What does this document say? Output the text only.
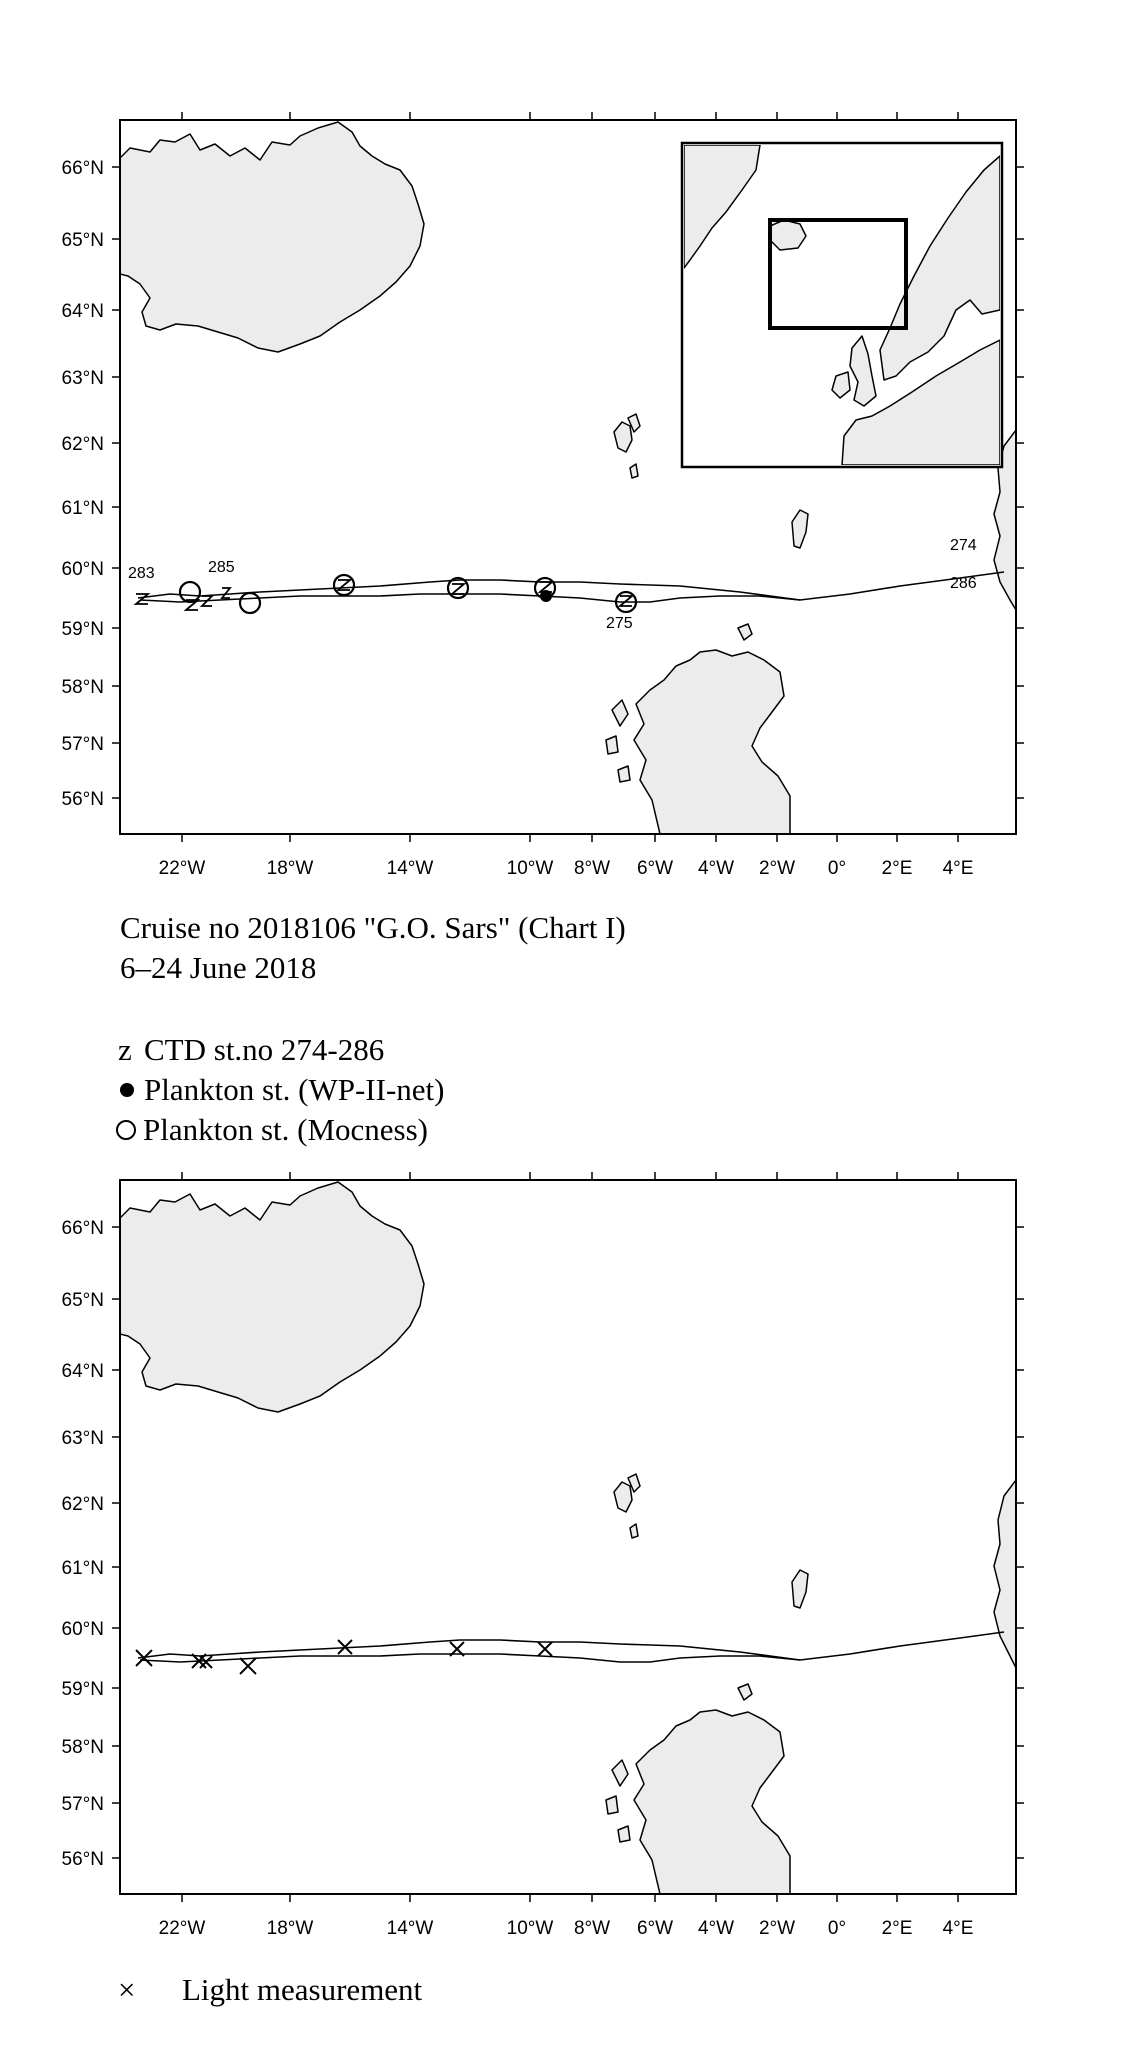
66°N
65°N
64°N
63°N
62°N
61°N
60°N
59°N
58°N
57°N
56°N
22°W	18°W	14°W	10°W 8°W 6°W 4°W 2°W 0° 2°E 4°E
283	285
274
286
275
Cruise no 2018106 "G.O. Sars" (Chart I)
6–24 June 2018
z CTD st.no 274-286
Plankton st. (WP-II-net)
Plankton st. (Mocness)
66°N
65°N
64°N
63°N
62°N
61°N
60°N
59°N
58°N
57°N
56°N
22°W	18°W	14°W	10°W 8°W 6°W 4°W 2°W 0° 2°E 4°E
×	Light measurement
